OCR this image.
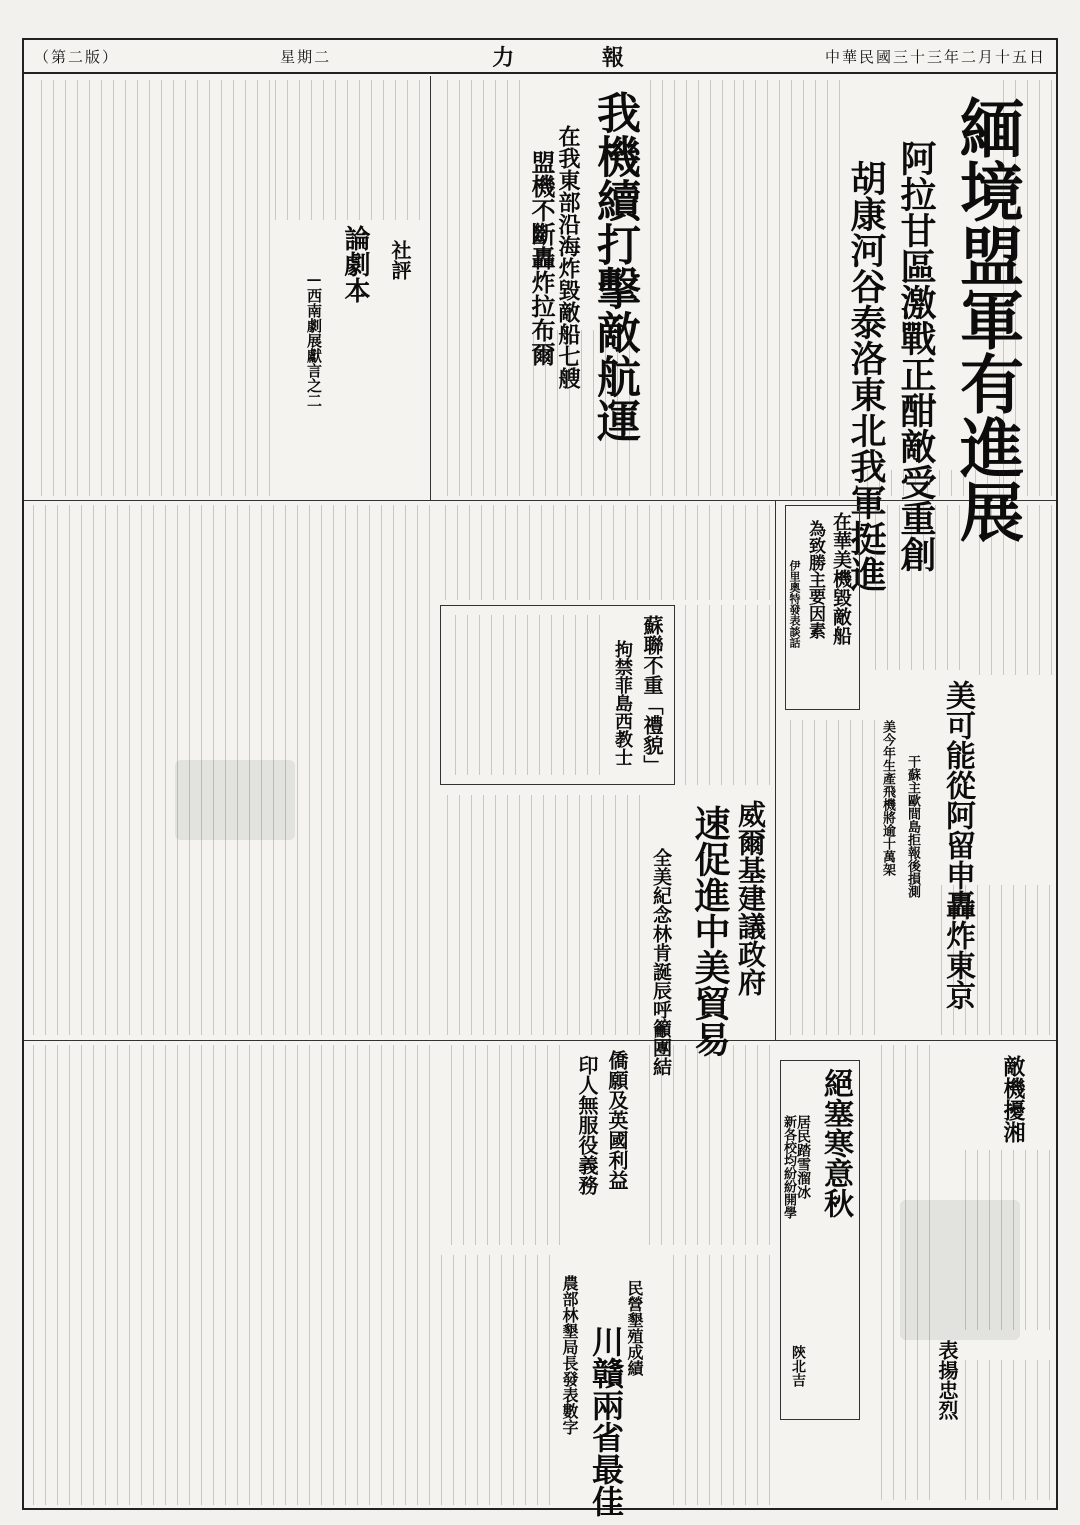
中華民國三十三年二月十五日
力 報
星期二
（第二版）
緬境盟軍有進展
阿拉甘區激戰正酣敵受重創
胡康河谷泰洛東北我軍挺進
我機續打擊敵航運
在我東部沿海炸毀敵船七艘
盟機不斷轟炸拉布爾
社評
論劇本
—西南劇展獻言之二
在華美機毀敵船
為致勝主要因素
伊里奧特發表談話
美可能從阿留申轟炸東京
干蘇主歐間島拒報後損測
美今年生產飛機將逾十萬架
蘇聯不重「禮貌」
拘禁菲島西教士
威爾基建議政府
速促進中美貿易
全美紀念林肯誕辰呼籲團結
僑願及英國利益
印人無服役義務
川贛兩省最佳
農部林墾局長發表數字	民營墾殖成績
絕塞寒意秋
居民踏雪溜冰
新各校均紛紛開學
陝北吉
敵機擾湘
表揚忠烈
